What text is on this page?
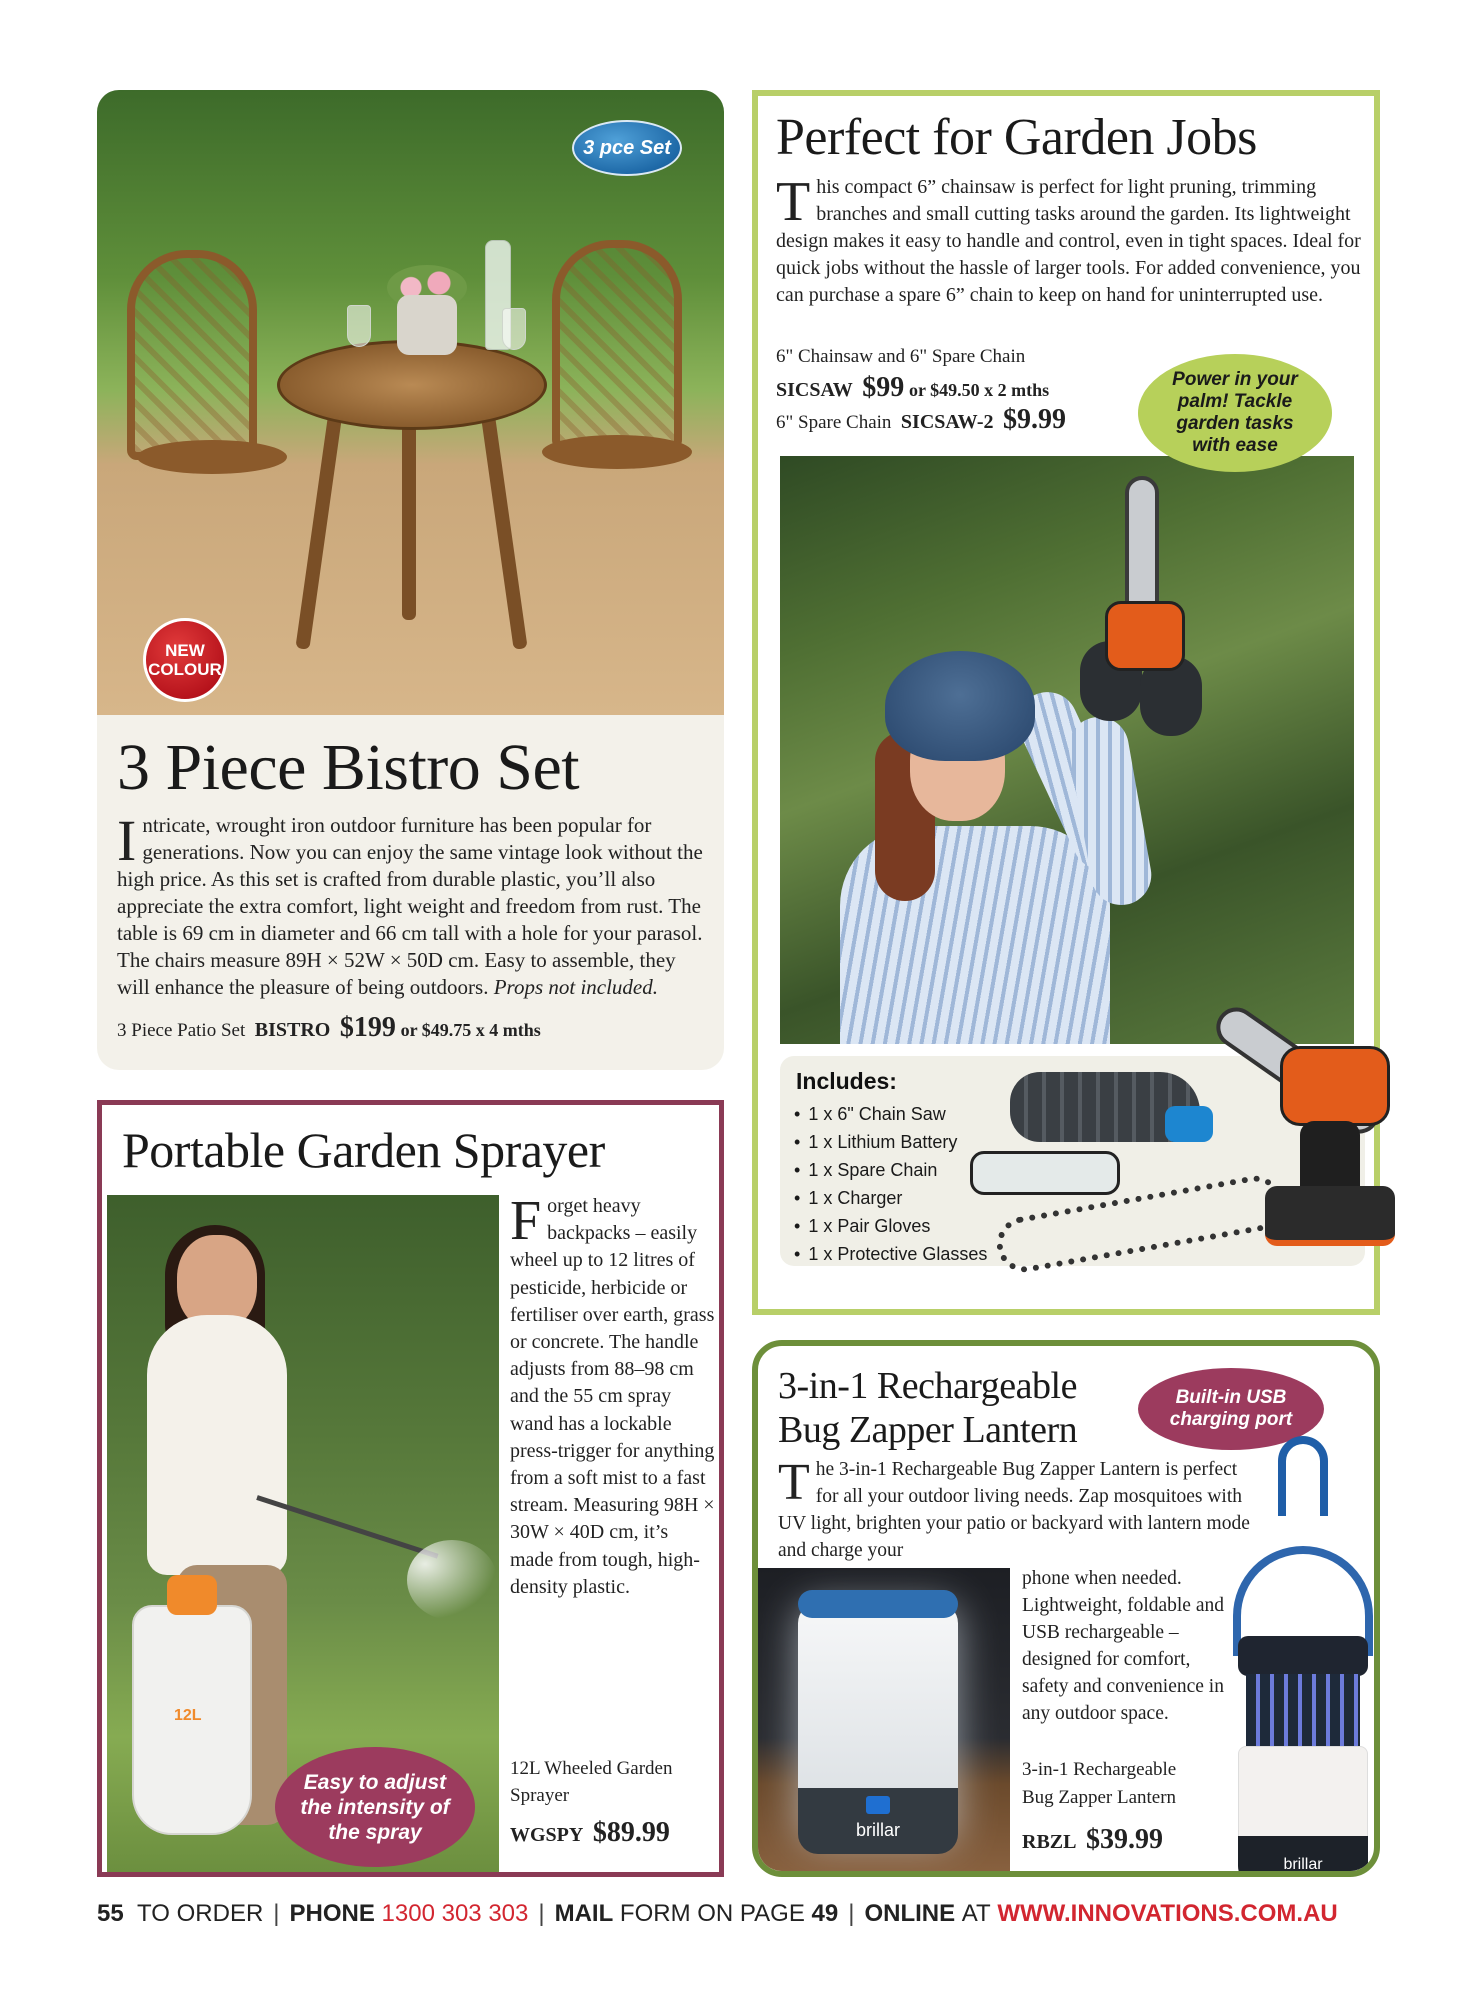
3 pce Set
NEW
COLOUR
3 Piece Bistro Set

Intricate, wrought iron outdoor furniture has been popular for generations. Now you can enjoy the same vintage look without the high price. As this set is crafted from durable plastic, you’ll also appreciate the extra comfort, light weight and freedom from rust. The table is 69 cm in diameter and 66 cm tall with a hole for your parasol. The chairs measure 89H × 52W × 50D cm. Easy to assemble, they will enhance the pleasure of being outdoors. Props not included.

3 Piece Patio Set BISTRO $199 or $49.75 x 4 mths
Perfect for Garden Jobs

This compact 6” chainsaw is perfect for light pruning, trimming branches and small cutting tasks around the garden. Its lightweight design makes it easy to handle and control, even in tight spaces. Ideal for quick jobs without the hassle of larger tools. For added convenience, you can purchase a spare 6” chain to keep on hand for uninterrupted use.

6" Chainsaw and 6" Spare Chain
SICSAW $99 or $49.50 x 2 mths
6" Spare Chain SICSAW-2 $9.99
Power in your palm! Tackle garden tasks with ease
Includes:
• 1 x 6" Chain Saw
• 1 x Lithium Battery
• 1 x Spare Chain
• 1 x Charger
• 1 x Pair Gloves
• 1 x Protective Glasses
Portable Garden Sprayer
12L
Easy to adjust the intensity of the spray

Forget heavy backpacks – easily wheel up to 12 litres of pesticide, herbicide or fertiliser over earth, grass or concrete. The handle adjusts from 88–98 cm and the 55 cm spray wand has a lockable press-trigger for anything from a soft mist to a fast stream. Measuring 98H × 30W × 40D cm, it’s made from tough, high-density plastic.

12L Wheeled Garden Sprayer
WGSPY $89.99
3-in-1 Rechargeable
Bug Zapper Lantern
Built-in USB charging port

The 3-in-1 Rechargeable Bug Zapper Lantern is perfect for all your outdoor living needs. Zap mosquitoes with UV light, brighten your patio or backyard with lantern mode and charge your

phone when needed. Lightweight, foldable and USB rechargeable – designed for comfort, safety and convenience in any outdoor space.

brillar
3-in-1 Rechargeable Bug Zapper Lantern
RBZL $39.99
brillar
55
TO ORDER | PHONE
1300 303 303 | MAIL
FORM ON PAGE
49 | ONLINE
AT
WWW.INNOVATIONS.COM.AU
